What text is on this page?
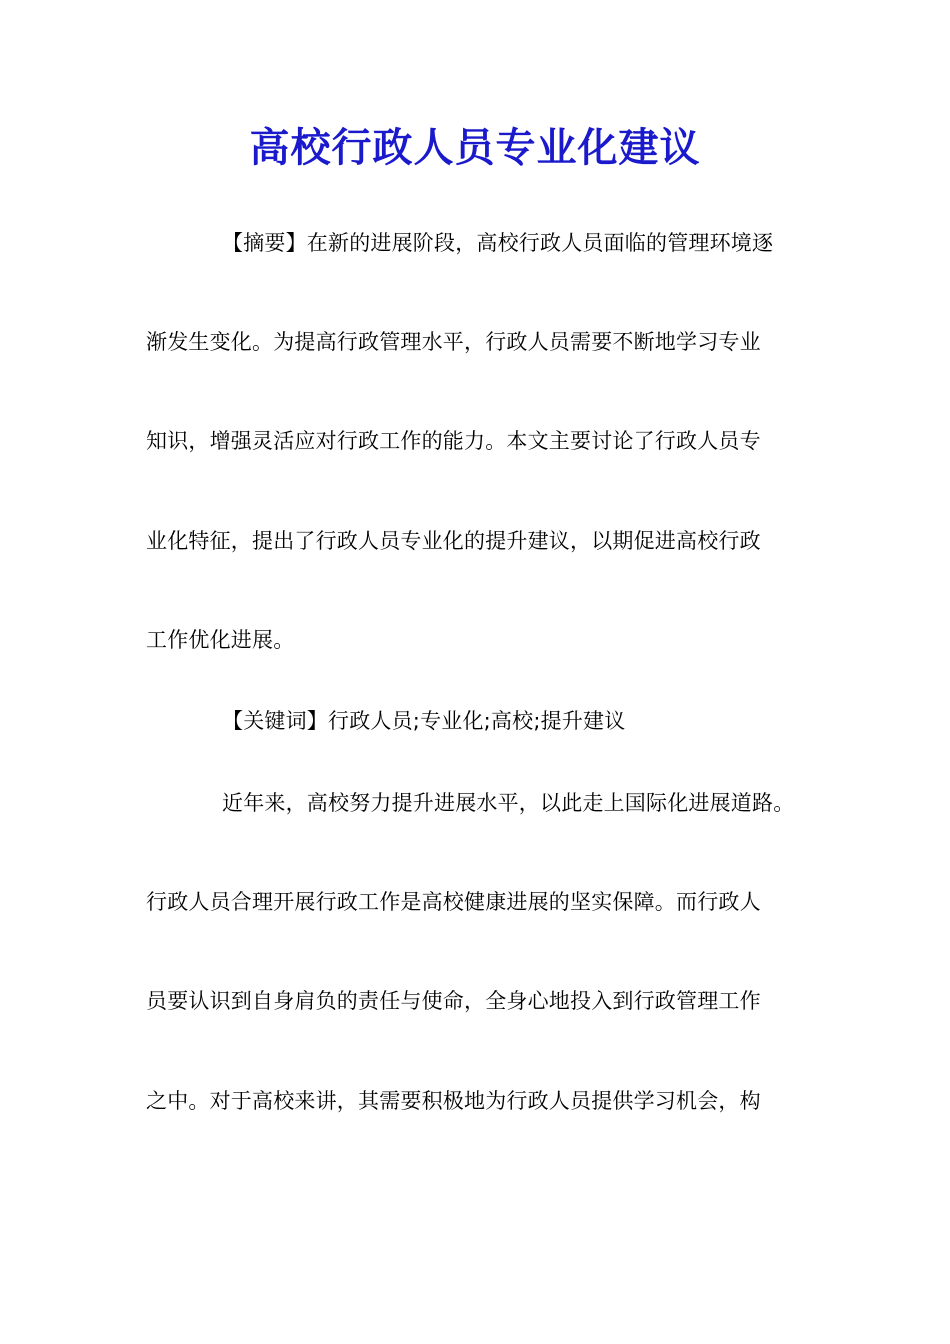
高校行政人员专业化建议
【摘要】在新的进展阶段，高校行政人员面临的管理环境逐
渐发生变化。为提高行政管理水平，行政人员需要不断地学习专业
知识，增强灵活应对行政工作的能力。本文主要讨论了行政人员专
业化特征，提出了行政人员专业化的提升建议，以期促进高校行政
工作优化进展。
【关键词】行政人员;专业化;高校;提升建议
近年来，高校努力提升进展水平，以此走上国际化进展道路。
行政人员合理开展行政工作是高校健康进展的坚实保障。而行政人
员要认识到自身肩负的责任与使命，全身心地投入到行政管理工作
之中。对于高校来讲，其需要积极地为行政人员提供学习机会，构
